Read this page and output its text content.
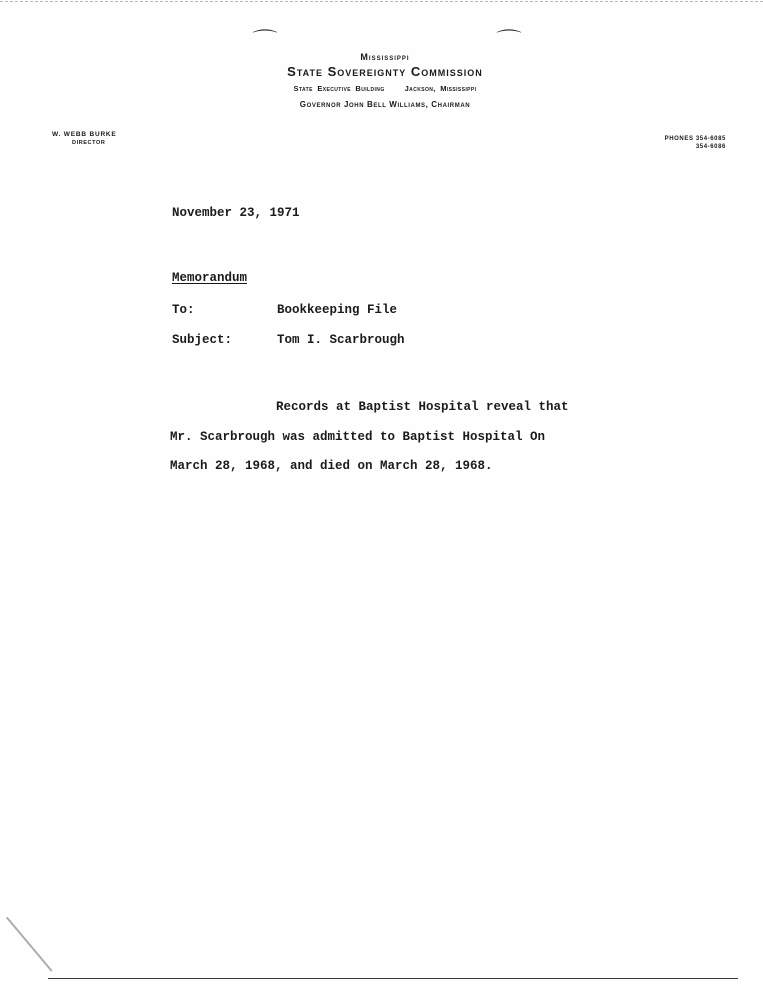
⌒	⌒
Mississippi
State Sovereignty Commission
State Executive Building	Jackson, Mississippi
Governor John Bell Williams, Chairman
W. WEBB BURKE
DIRECTOR
PHONES 354-6085
354-6086
November 23, 1971
Memorandum
To:	Bookkeeping File
Subject:	Tom I. Scarbrough
Records at Baptist Hospital reveal that
Mr. Scarbrough was admitted to Baptist Hospital On
March 28, 1968, and died on March 28, 1968.
